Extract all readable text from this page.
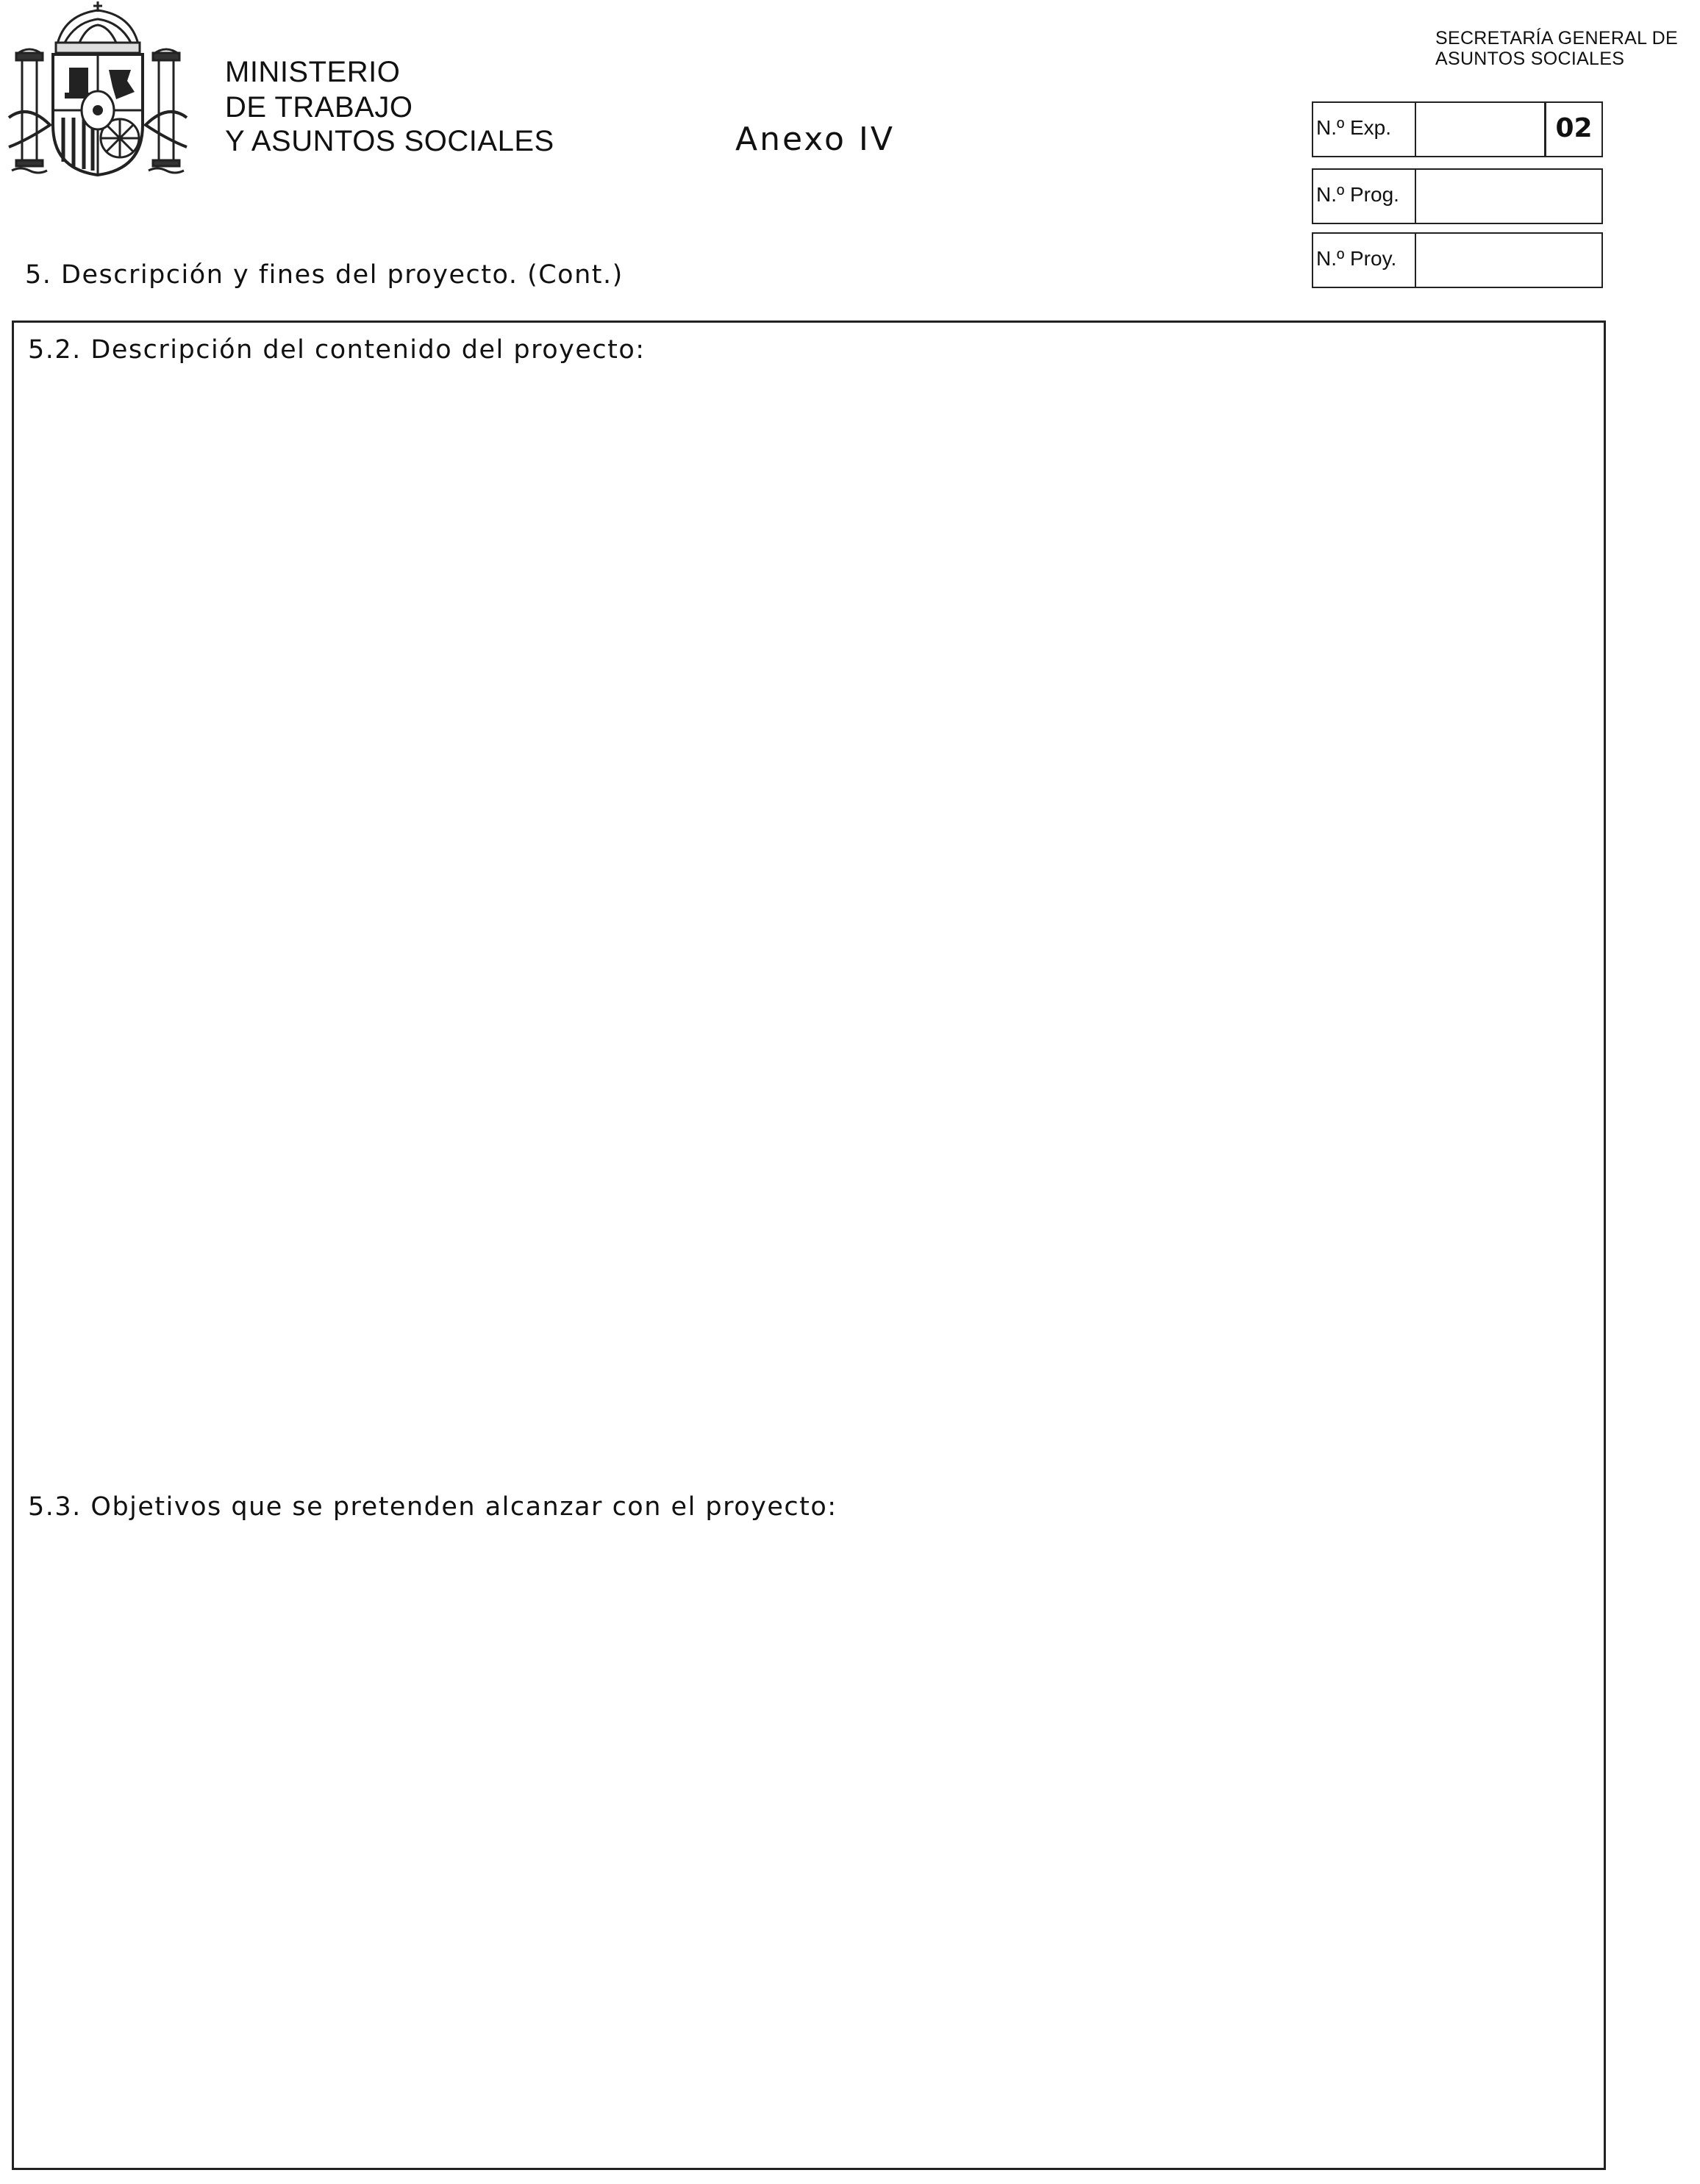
MINISTERIO
DE TRABAJO
Y ASUNTOS SOCIALES	Anexo IV
SECRETARÍA GENERAL DE
ASUNTOS SOCIALES
N.º Exp.	02
N.º Prog.
N.º Proy.
5. Descripción y fines del proyecto. (Cont.)
5.2. Descripción del contenido del proyecto:
5.3. Objetivos que se pretenden alcanzar con el proyecto:
